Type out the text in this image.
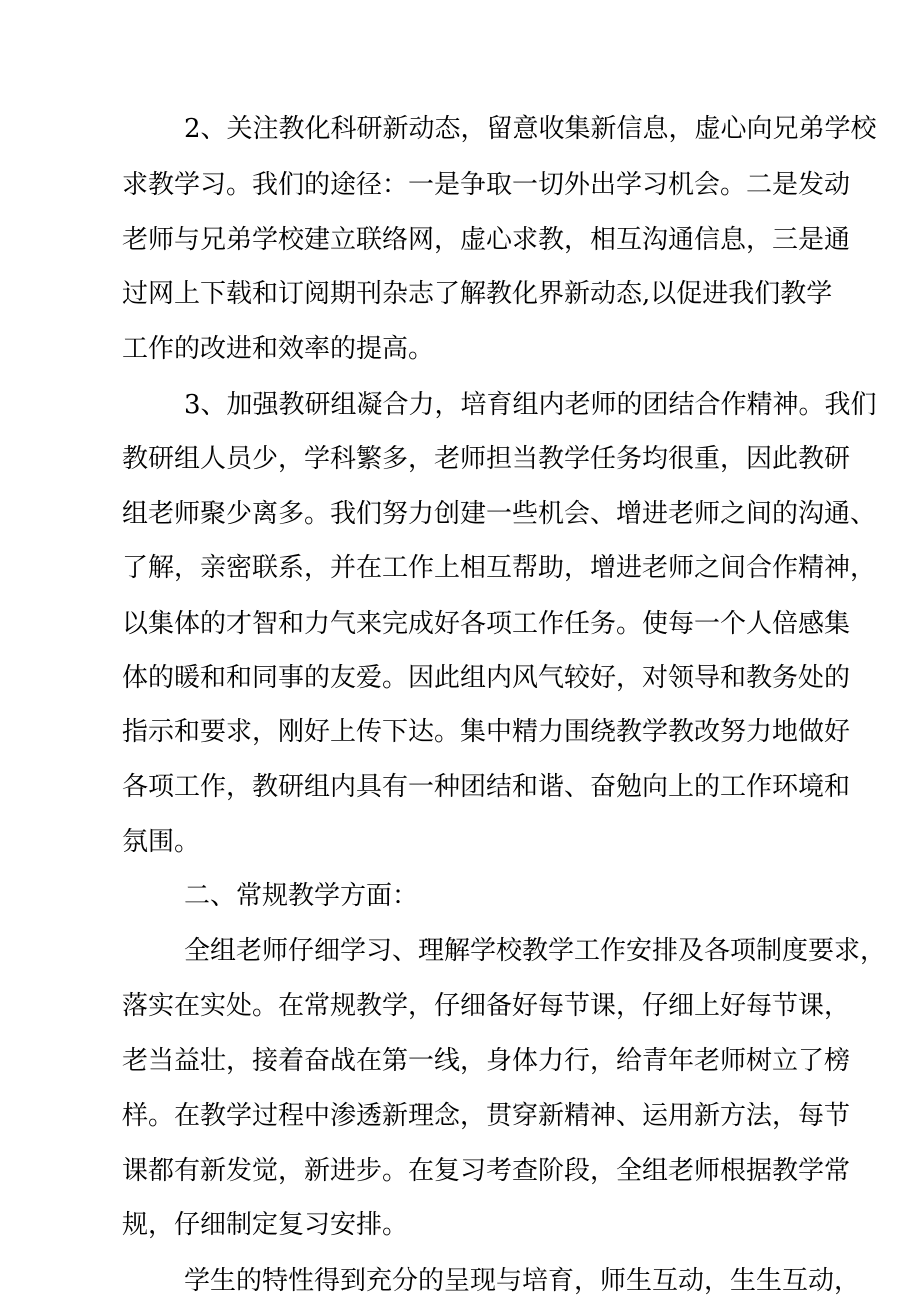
2、关注教化科研新动态，留意收集新信息，虚心向兄弟学校
求教学习。我们的途径：一是争取一切外出学习机会。二是发动
老师与兄弟学校建立联络网，虚心求教，相互沟通信息，三是通
过网上下载和订阅期刊杂志了解教化界新动态,以促进我们教学
工作的改进和效率的提高。
3、加强教研组凝合力，培育组内老师的团结合作精神。我们
教研组人员少，学科繁多，老师担当教学任务均很重，因此教研
组老师聚少离多。我们努力创建一些机会、增进老师之间的沟通、
了解，亲密联系，并在工作上相互帮助，增进老师之间合作精神，
以集体的才智和力气来完成好各项工作任务。使每一个人倍感集
体的暖和和同事的友爱。因此组内风气较好，对领导和教务处的
指示和要求，刚好上传下达。集中精力围绕教学教改努力地做好
各项工作，教研组内具有一种团结和谐、奋勉向上的工作环境和
氛围。
二、常规教学方面：
全组老师仔细学习、理解学校教学工作安排及各项制度要求，
落实在实处。在常规教学，仔细备好每节课，仔细上好每节课，
老当益壮，接着奋战在第一线，身体力行，给青年老师树立了榜
样。在教学过程中渗透新理念，贯穿新精神、运用新方法，每节
课都有新发觉，新进步。在复习考查阶段，全组老师根据教学常
规，仔细制定复习安排。
学生的特性得到充分的呈现与培育，师生互动，生生互动，
